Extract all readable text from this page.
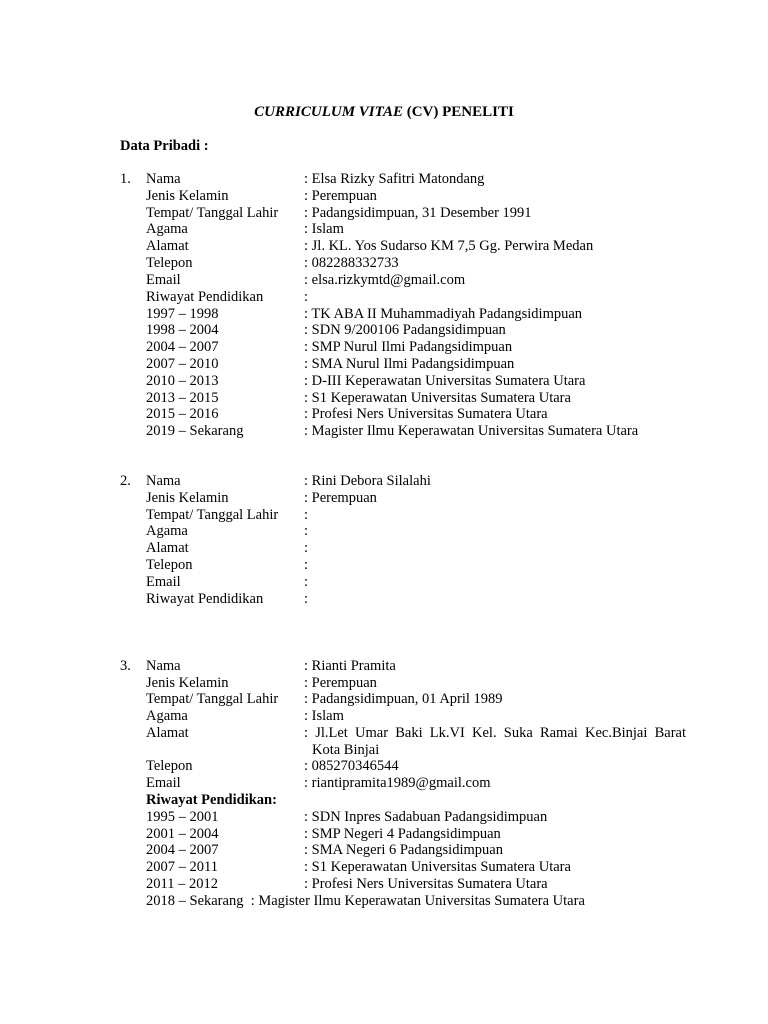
CURRICULUM VITAE (CV) PENELITI
Data Pribadi :
1. Nama	: Elsa Rizky Safitri Matondang
Jenis Kelamin	: Perempuan
Tempat/ Tanggal Lahir : Padangsidimpuan, 31 Desember 1991
Agama	: Islam
Alamat	: Jl. KL. Yos Sudarso KM 7,5 Gg. Perwira Medan
Telepon	: 082288332733
Email	: elsa.rizkymtd@gmail.com
Riwayat Pendidikan	:
1997 – 1998	: TK ABA II Muhammadiyah Padangsidimpuan
1998 – 2004	: SDN 9/200106 Padangsidimpuan
2004 – 2007	: SMP Nurul Ilmi Padangsidimpuan
2007 – 2010	: SMA Nurul Ilmi Padangsidimpuan
2010 – 2013	: D-III Keperawatan Universitas Sumatera Utara
2013 – 2015	: S1 Keperawatan Universitas Sumatera Utara
2015 – 2016	: Profesi Ners Universitas Sumatera Utara
2019 – Sekarang	: Magister Ilmu Keperawatan Universitas Sumatera Utara
2. Nama	: Rini Debora Silalahi
Jenis Kelamin	: Perempuan
Tempat/ Tanggal Lahir :
Agama	:
Alamat	:
Telepon	:
Email	:
Riwayat Pendidikan	:
3. Nama	: Rianti Pramita
Jenis Kelamin	: Perempuan
Tempat/ Tanggal Lahir : Padangsidimpuan, 01 April 1989
Agama	: Islam
Alamat	: Jl.Let Umar Baki Lk.VI Kel. Suka Ramai Kec.Binjai Barat
Kota Binjai
Telepon	: 085270346544
Email	: riantipramita1989@gmail.com
Riwayat Pendidikan:
1995 – 2001	: SDN Inpres Sadabuan Padangsidimpuan
2001 – 2004	: SMP Negeri 4 Padangsidimpuan
2004 – 2007	: SMA Negeri 6 Padangsidimpuan
2007 – 2011	: S1 Keperawatan Universitas Sumatera Utara
2011 – 2012	: Profesi Ners Universitas Sumatera Utara
2018 – Sekarang  : Magister Ilmu Keperawatan Universitas Sumatera Utara
